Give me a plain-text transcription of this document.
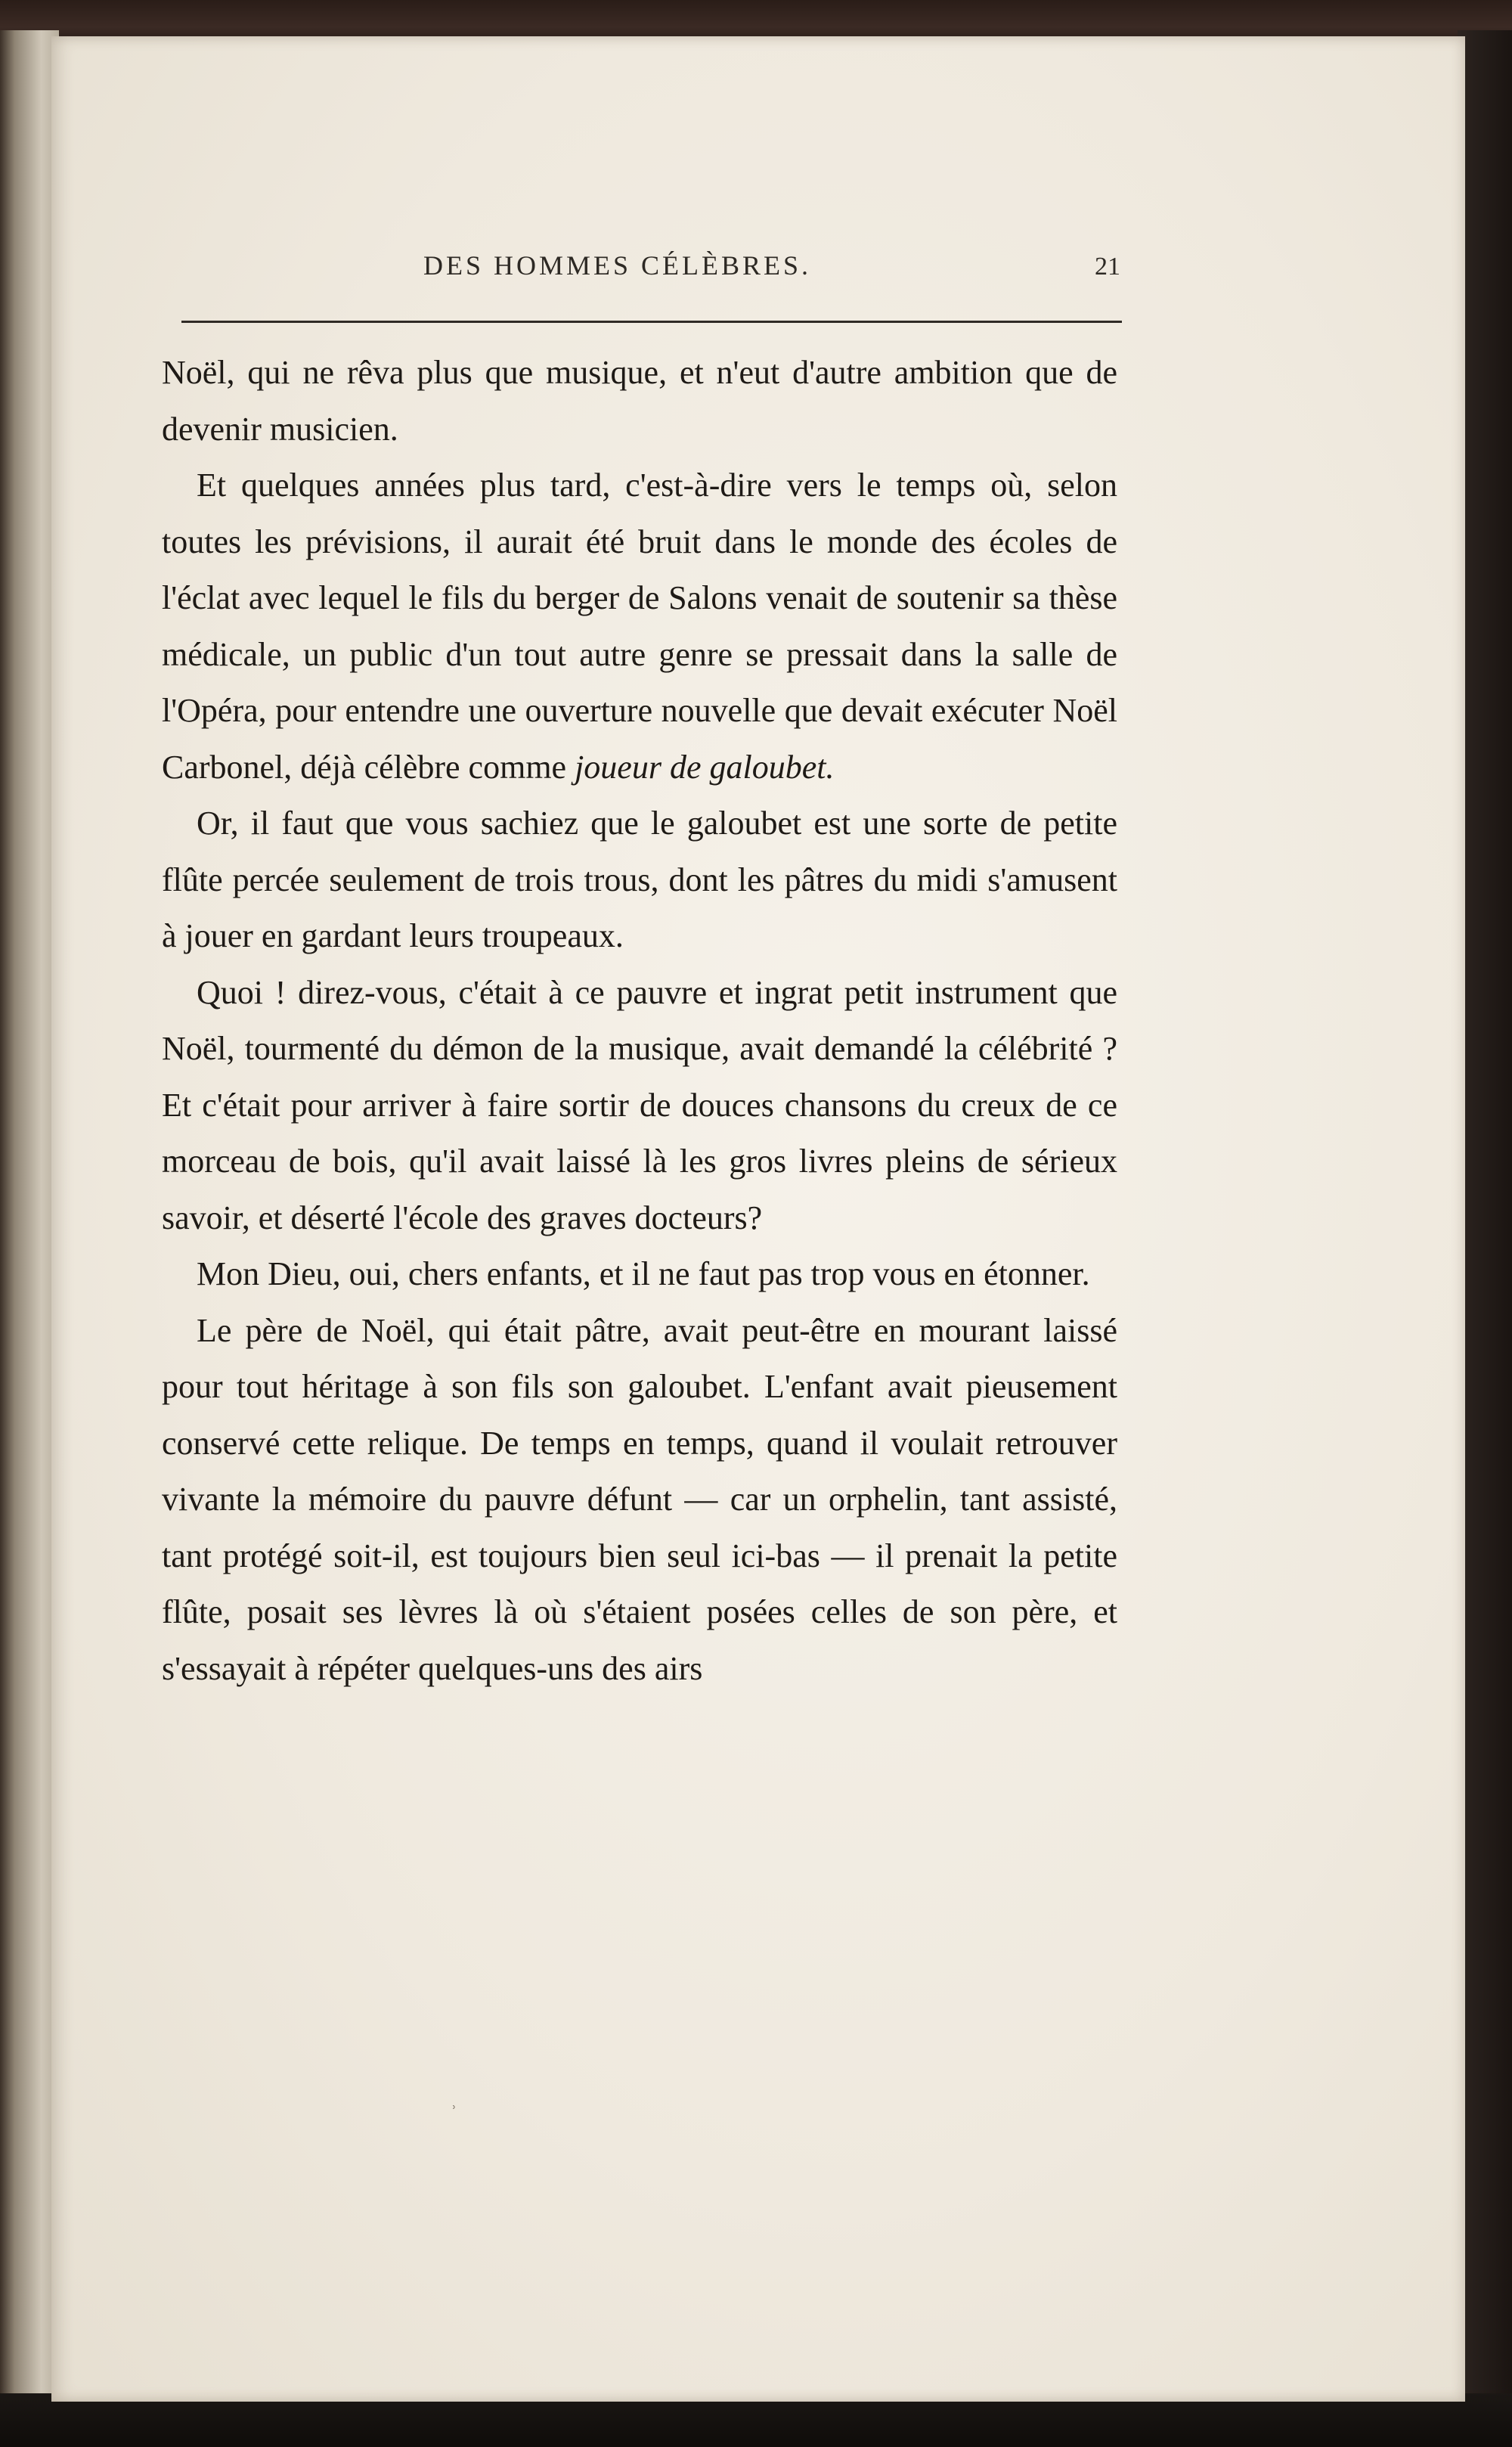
DES HOMMES CÉLÈBRES.	21

Noël, qui ne rêva plus que musique, et n'eut d'autre ambition que de devenir musicien.

Et quelques années plus tard, c'est-à-dire vers le temps où, selon toutes les prévisions, il aurait été bruit dans le monde des écoles de l'éclat avec lequel le fils du berger de Salons venait de soutenir sa thèse médicale, un public d'un tout autre genre se pressait dans la salle de l'Opéra, pour entendre une ouverture nouvelle que devait exécuter Noël Carbonel, déjà célèbre comme joueur de galoubet.

Or, il faut que vous sachiez que le galoubet est une sorte de petite flûte percée seulement de trois trous, dont les pâtres du midi s'amusent à jouer en gardant leurs troupeaux.

Quoi ! direz-vous, c'était à ce pauvre et ingrat petit instrument que Noël, tourmenté du démon de la musique, avait demandé la célébrité ? Et c'était pour arriver à faire sortir de douces chansons du creux de ce morceau de bois, qu'il avait laissé là les gros livres pleins de sérieux savoir, et déserté l'école des graves docteurs?

Mon Dieu, oui, chers enfants, et il ne faut pas trop vous en étonner.

Le père de Noël, qui était pâtre, avait peut-être en mourant laissé pour tout héritage à son fils son galoubet. L'enfant avait pieusement conservé cette relique. De temps en temps, quand il voulait retrouver vivante la mémoire du pauvre défunt — car un orphelin, tant assisté, tant protégé soit-il, est toujours bien seul ici-bas — il prenait la petite flûte, posait ses lèvres là où s'étaient posées celles de son père, et s'essayait à répéter quelques-uns des airs

ʾ
